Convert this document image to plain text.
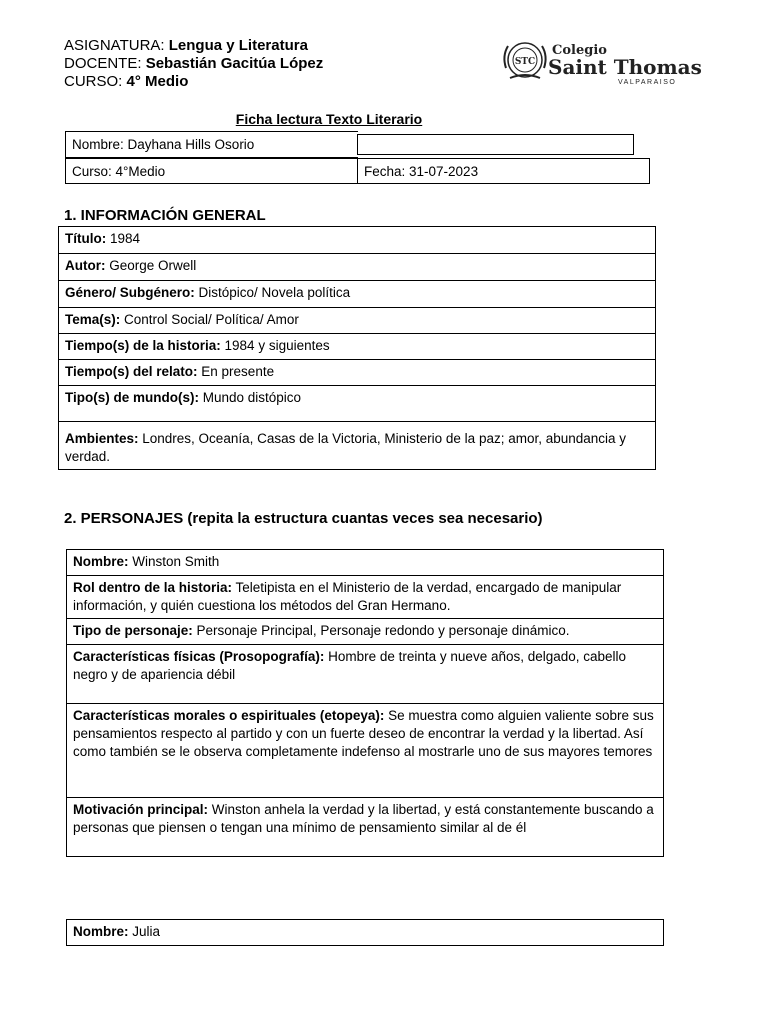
ASIGNATURA: Lengua y Literatura
DOCENTE: Sebastián Gacitúa López
CURSO: 4° Medio
STC
Colegio
Saint Thomas
VALPARAISO
Ficha lectura Texto Literario
Nombre: Dayhana Hills Osorio
Curso: 4°Medio	Fecha: 31-07-2023
1. INFORMACIÓN GENERAL
Título: 1984
Autor: George Orwell
Género/ Subgénero: Distópico/ Novela política
Tema(s): Control Social/ Política/ Amor
Tiempo(s) de la historia: 1984 y siguientes
Tiempo(s) del relato: En presente
Tipo(s) de mundo(s): Mundo distópico
Ambientes: Londres, Oceanía, Casas de la Victoria, Ministerio de la paz; amor, abundancia y verdad.
2. PERSONAJES (repita la estructura cuantas veces sea necesario)
Nombre: Winston Smith
Rol dentro de la historia: Teletipista en el Ministerio de la verdad, encargado de manipular información, y quién cuestiona los métodos del Gran Hermano.
Tipo de personaje: Personaje Principal, Personaje redondo y personaje dinámico.
Características físicas (Prosopografía): Hombre de treinta y nueve años, delgado, cabello negro y de apariencia débil
Características morales o espirituales (etopeya): Se muestra como alguien valiente sobre sus pensamientos respecto al partido y con un fuerte deseo de encontrar la verdad y la libertad. Así como también se le observa completamente indefenso al mostrarle uno de sus mayores temores
Motivación principal: Winston anhela la verdad y la libertad, y está constantemente buscando a personas que piensen o tengan una mínimo de pensamiento similar al de él
Nombre: Julia
